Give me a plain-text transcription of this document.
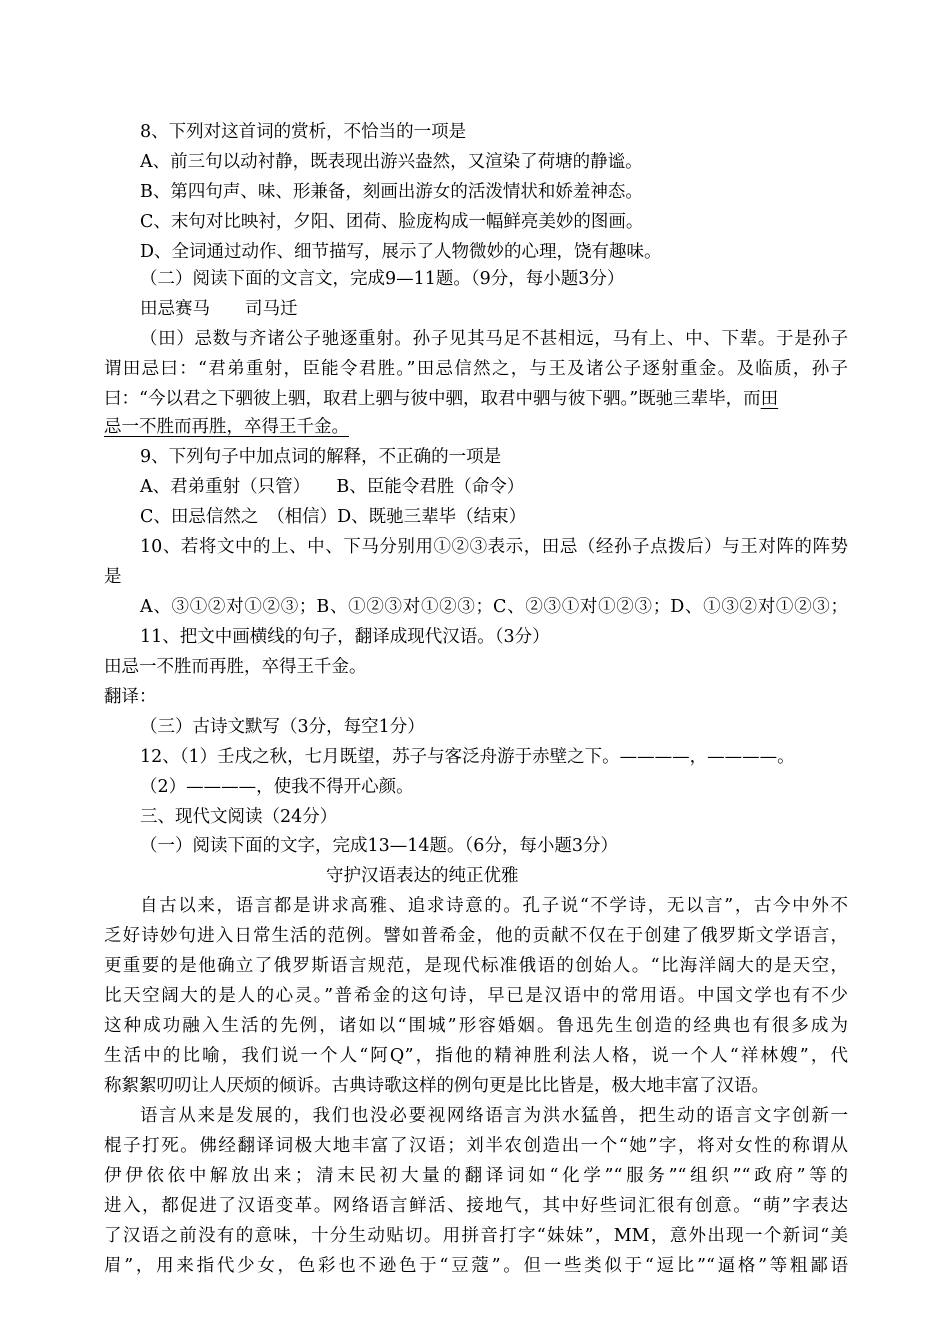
8、下列对这首词的赏析，不恰当的一项是
A、前三句以动衬静，既表现出游兴盎然，又渲染了荷塘的静谧。
B、第四句声、味、形兼备，刻画出游女的活泼情状和娇羞神态。
C、末句对比映衬，夕阳、团荷、脸庞构成一幅鲜亮美妙的图画。
D、全词通过动作、细节描写，展示了人物微妙的心理，饶有趣味。
（二）阅读下面的文言文，完成9—11题。（9分，每小题3分）
田忌赛马　　司马迁
（田）忌数与齐诸公子驰逐重射。孙子见其马足不甚相远，马有上、中、下辈。于是孙子
谓田忌曰：“君弟重射，臣能令君胜。”田忌信然之，与王及诸公子逐射重金。及临质，孙子
曰：“今以君之下驷彼上驷，取君上驷与彼中驷，取君中驷与彼下驷。”既驰三辈毕，而田
忌一不胜而再胜，卒得王千金。
9、下列句子中加点词的解释，不正确的一项是
A、君弟重射（只管）　　B、臣能令君胜（命令）
C、田忌信然之　（相信）D、既驰三辈毕（结束）
10、若将文中的上、中、下马分别用①②③表示，田忌（经孙子点拨后）与王对阵的阵势
是
A、③①②对①②③；B、①②③对①②③；C、②③①对①②③；D、①③②对①②③；
11、把文中画横线的句子，翻译成现代汉语。（3分）
田忌一不胜而再胜，卒得王千金。
翻译：
（三）古诗文默写（3分，每空1分）
12、（1）壬戌之秋，七月既望，苏子与客泛舟游于赤壁之下。————，————。
（2）————，使我不得开心颜。
三、现代文阅读（24分）
（一）阅读下面的文字，完成13—14题。（6分，每小题3分）
守护汉语表达的纯正优雅
自古以来，语言都是讲求高雅、追求诗意的。孔子说“不学诗，无以言”，古今中外不
乏好诗妙句进入日常生活的范例。譬如普希金，他的贡献不仅在于创建了俄罗斯文学语言，
更重要的是他确立了俄罗斯语言规范，是现代标准俄语的创始人。“比海洋阔大的是天空，
比天空阔大的是人的心灵。”普希金的这句诗，早已是汉语中的常用语。中国文学也有不少
这种成功融入生活的先例，诸如以“围城”形容婚姻。鲁迅先生创造的经典也有很多成为
生活中的比喻，我们说一个人“阿Q”，指他的精神胜利法人格，说一个人“祥林嫂”，代
称絮絮叨叨让人厌烦的倾诉。古典诗歌这样的例句更是比比皆是，极大地丰富了汉语。
语言从来是发展的，我们也没必要视网络语言为洪水猛兽，把生动的语言文字创新一
棍子打死。佛经翻译词极大地丰富了汉语；刘半农创造出一个“她”字，将对女性的称谓从
伊伊依依中解放出来；清末民初大量的翻译词如“化学”“服务”“组织”“政府”等的
进入，都促进了汉语变革。网络语言鲜活、接地气，其中好些词汇很有创意。“萌”字表达
了汉语之前没有的意味，十分生动贴切。用拼音打字“妹妹”，MM，意外出现一个新词“美
眉”，用来指代少女，色彩也不逊色于“豆蔻”。但一些类似于“逗比”“逼格”等粗鄙语
